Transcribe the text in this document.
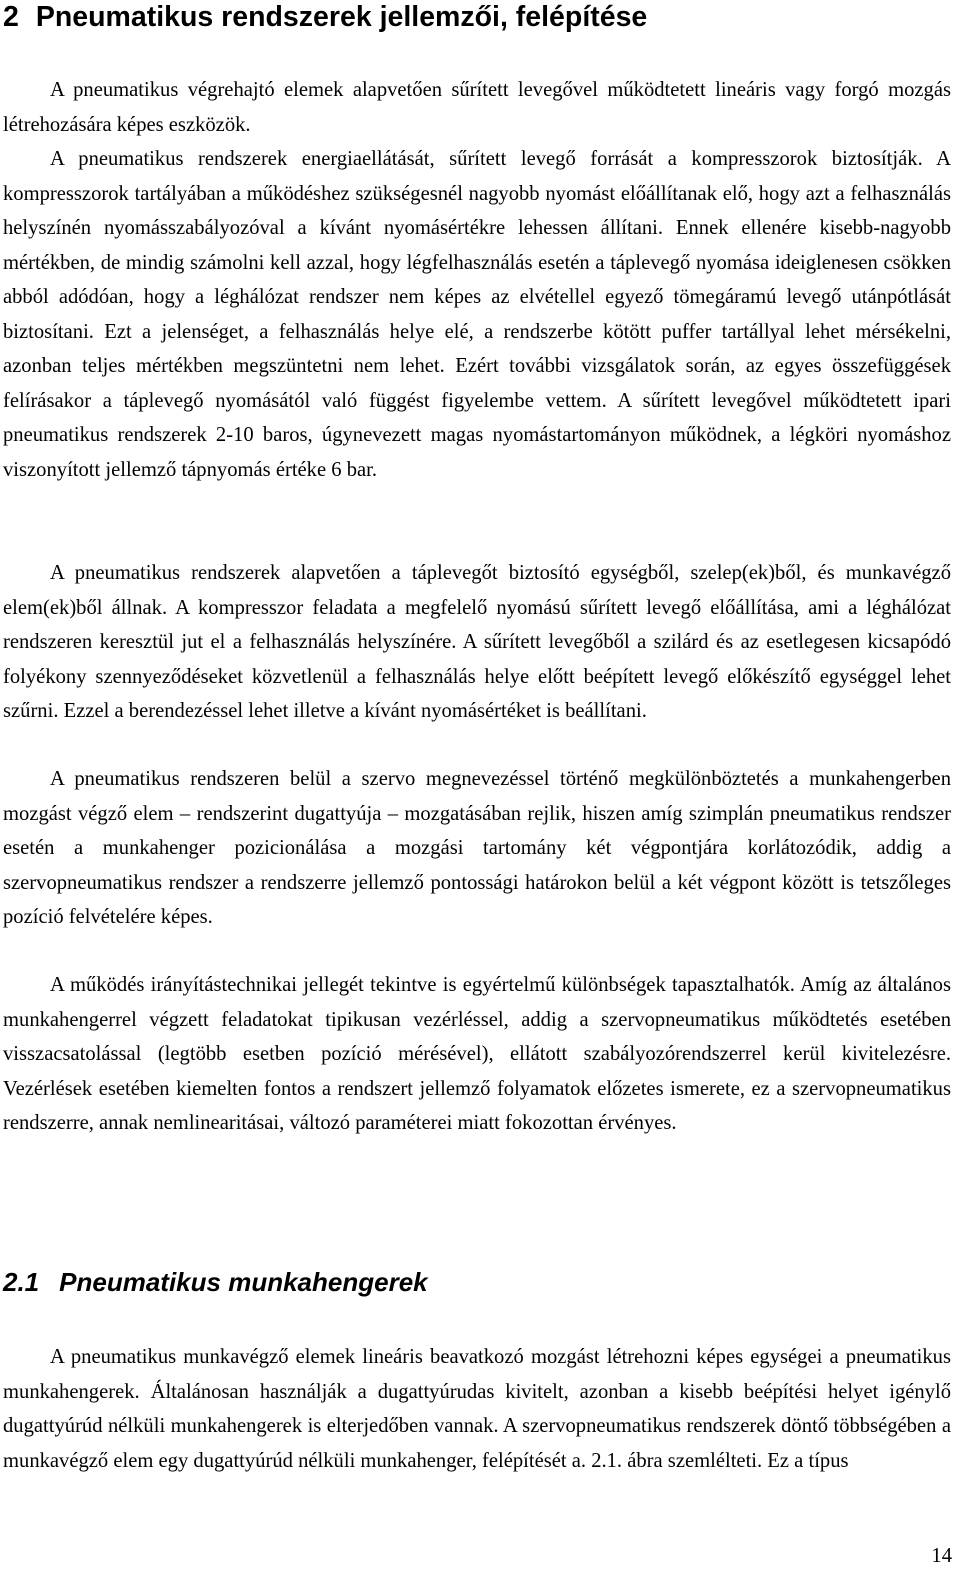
2 Pneumatikus rendszerek jellemzői, felépítése

A pneumatikus végrehajtó elemek alapvetően sűrített levegővel működtetett lineáris vagy forgó mozgás létrehozására képes eszközök.

A pneumatikus rendszerek energiaellátását, sűrített levegő forrását a kompresszorok biztosítják. A kompresszorok tartályában a működéshez szükségesnél nagyobb nyomást előállítanak elő, hogy azt a felhasználás helyszínén nyomásszabályozóval a kívánt nyomásértékre lehessen állítani. Ennek ellenére kisebb-nagyobb mértékben, de mindig számolni kell azzal, hogy légfelhasználás esetén a táplevegő nyomása ideiglenesen csökken abból adódóan, hogy a léghálózat rendszer nem képes az elvétellel egyező tömegáramú levegő utánpótlását biztosítani. Ezt a jelenséget, a felhasználás helye elé, a rendszerbe kötött puffer tartállyal lehet mérsékelni, azonban teljes mértékben megszüntetni nem lehet. Ezért további vizsgálatok során, az egyes összefüggések felírásakor a táplevegő nyomásától való függést figyelembe vettem. A sűrített levegővel működtetett ipari pneumatikus rendszerek 2-10 baros, úgynevezett magas nyomástartományon működnek, a légköri nyomáshoz viszonyított jellemző tápnyomás értéke 6 bar.

A pneumatikus rendszerek alapvetően a táplevegőt biztosító egységből, szelep(ek)ből, és munkavégző elem(ek)ből állnak. A kompresszor feladata a megfelelő nyomású sűrített levegő előállítása, ami a léghálózat rendszeren keresztül jut el a felhasználás helyszínére. A sűrített levegőből a szilárd és az esetlegesen kicsapódó folyékony szennyeződéseket közvetlenül a felhasználás helye előtt beépített levegő előkészítő egységgel lehet szűrni. Ezzel a berendezéssel lehet illetve a kívánt nyomásértéket is beállítani.

A pneumatikus rendszeren belül a szervo megnevezéssel történő megkülönböztetés a munkahengerben mozgást végző elem – rendszerint dugattyúja – mozgatásában rejlik, hiszen amíg szimplán pneumatikus rendszer esetén a munkahenger pozicionálása a mozgási tartomány két végpontjára korlátozódik, addig a szervopneumatikus rendszer a rendszerre jellemző pontossági határokon belül a két végpont között is tetszőleges pozíció felvételére képes.

A működés irányítástechnikai jellegét tekintve is egyértelmű különbségek tapasztalhatók. Amíg az általános munkahengerrel végzett feladatokat tipikusan vezérléssel, addig a szervopneumatikus működtetés esetében visszacsatolással (legtöbb esetben pozíció mérésével), ellátott szabályozórendszerrel kerül kivitelezésre. Vezérlések esetében kiemelten fontos a rendszert jellemző folyamatok előzetes ismerete, ez a szervopneumatikus rendszerre, annak nemlinearitásai, változó paraméterei miatt fokozottan érvényes.

2.1 Pneumatikus munkahengerek

A pneumatikus munkavégző elemek lineáris beavatkozó mozgást létrehozni képes egységei a pneumatikus munkahengerek. Általánosan használják a dugattyúrudas kivitelt, azonban a kisebb beépítési helyet igénylő dugattyúrúd nélküli munkahengerek is elterjedőben vannak. A szervopneumatikus rendszerek döntő többségében a munkavégző elem egy dugattyúrúd nélküli munkahenger, felépítését a. 2.1. ábra szemlélteti. Ez a típus

14
